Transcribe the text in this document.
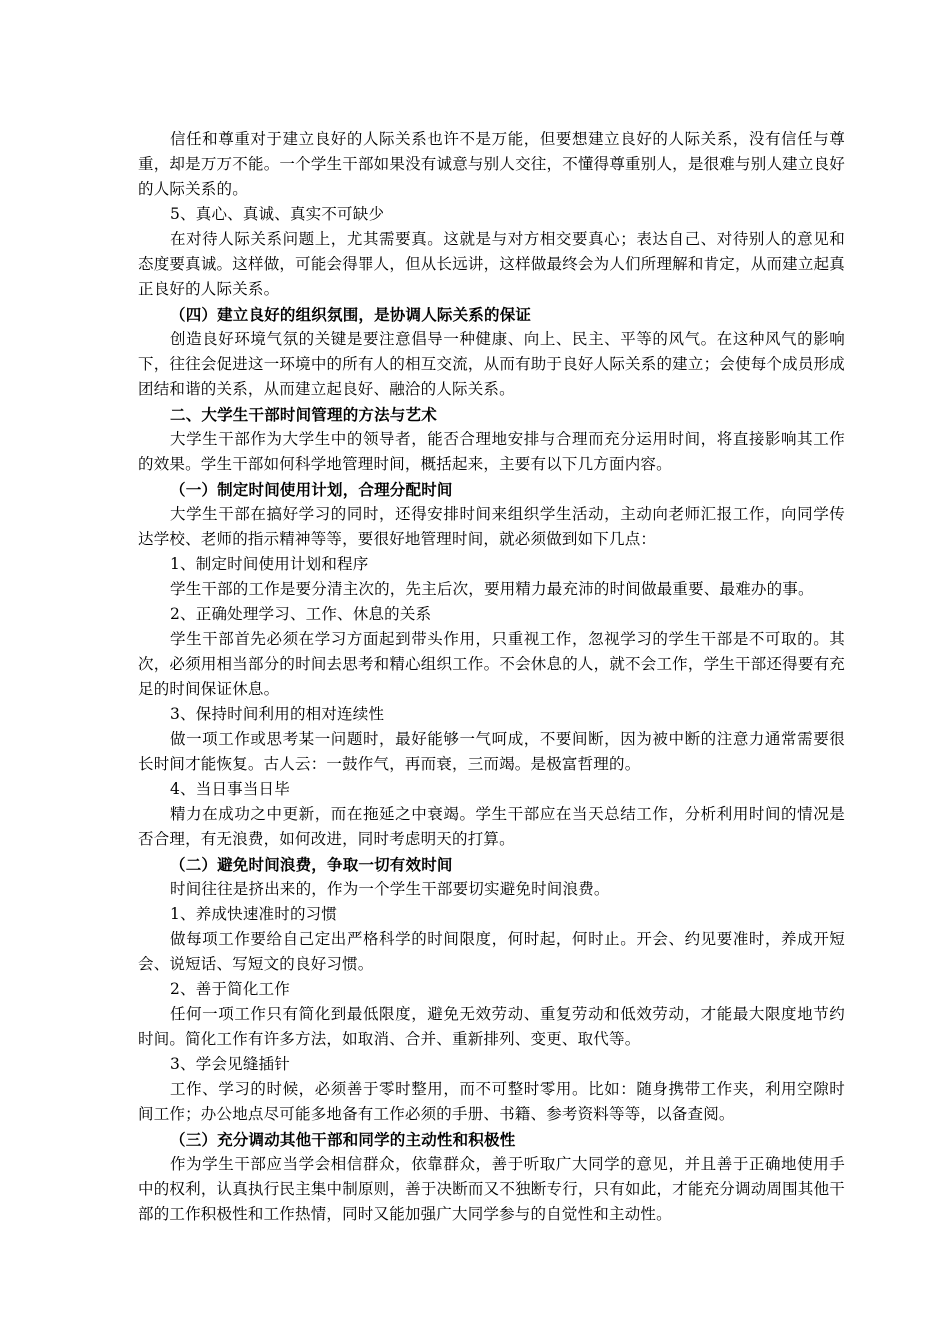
信任和尊重对于建立良好的人际关系也许不是万能，但要想建立良好的人际关系，没有信任与尊重，却是万万不能。一个学生干部如果没有诚意与别人交往，不懂得尊重别人，是很难与别人建立良好的人际关系的。

5、真心、真诚、真实不可缺少

在对待人际关系问题上，尤其需要真。这就是与对方相交要真心；表达自己、对待别人的意见和态度要真诚。这样做，可能会得罪人，但从长远讲，这样做最终会为人们所理解和肯定，从而建立起真正良好的人际关系。

（四）建立良好的组织氛围，是协调人际关系的保证

创造良好环境气氛的关键是要注意倡导一种健康、向上、民主、平等的风气。在这种风气的影响下，往往会促进这一环境中的所有人的相互交流，从而有助于良好人际关系的建立；会使每个成员形成团结和谐的关系，从而建立起良好、融洽的人际关系。

二、大学生干部时间管理的方法与艺术

大学生干部作为大学生中的领导者，能否合理地安排与合理而充分运用时间，将直接影响其工作的效果。学生干部如何科学地管理时间，概括起来，主要有以下几方面内容。

（一）制定时间使用计划，合理分配时间

大学生干部在搞好学习的同时，还得安排时间来组织学生活动，主动向老师汇报工作，向同学传达学校、老师的指示精神等等，要很好地管理时间，就必须做到如下几点：

1、制定时间使用计划和程序

学生干部的工作是要分清主次的，先主后次，要用精力最充沛的时间做最重要、最难办的事。

2、正确处理学习、工作、休息的关系

学生干部首先必须在学习方面起到带头作用，只重视工作，忽视学习的学生干部是不可取的。其次，必须用相当部分的时间去思考和精心组织工作。不会休息的人，就不会工作，学生干部还得要有充足的时间保证休息。

3、保持时间利用的相对连续性

做一项工作或思考某一问题时，最好能够一气呵成，不要间断，因为被中断的注意力通常需要很长时间才能恢复。古人云：一鼓作气，再而衰，三而竭。是极富哲理的。

4、当日事当日毕

精力在成功之中更新，而在拖延之中衰竭。学生干部应在当天总结工作，分析利用时间的情况是否合理，有无浪费，如何改进，同时考虑明天的打算。

（二）避免时间浪费，争取一切有效时间

时间往往是挤出来的，作为一个学生干部要切实避免时间浪费。

1、养成快速准时的习惯

做每项工作要给自己定出严格科学的时间限度，何时起，何时止。开会、约见要准时，养成开短会、说短话、写短文的良好习惯。

2、善于简化工作

任何一项工作只有简化到最低限度，避免无效劳动、重复劳动和低效劳动，才能最大限度地节约时间。简化工作有许多方法，如取消、合并、重新排列、变更、取代等。

3、学会见缝插针

工作、学习的时候，必须善于零时整用，而不可整时零用。比如：随身携带工作夹，利用空隙时间工作；办公地点尽可能多地备有工作必须的手册、书籍、参考资料等等，以备查阅。

（三）充分调动其他干部和同学的主动性和积极性

作为学生干部应当学会相信群众，依靠群众，善于听取广大同学的意见，并且善于正确地使用手中的权利，认真执行民主集中制原则，善于决断而又不独断专行，只有如此，才能充分调动周围其他干部的工作积极性和工作热情，同时又能加强广大同学参与的自觉性和主动性。
